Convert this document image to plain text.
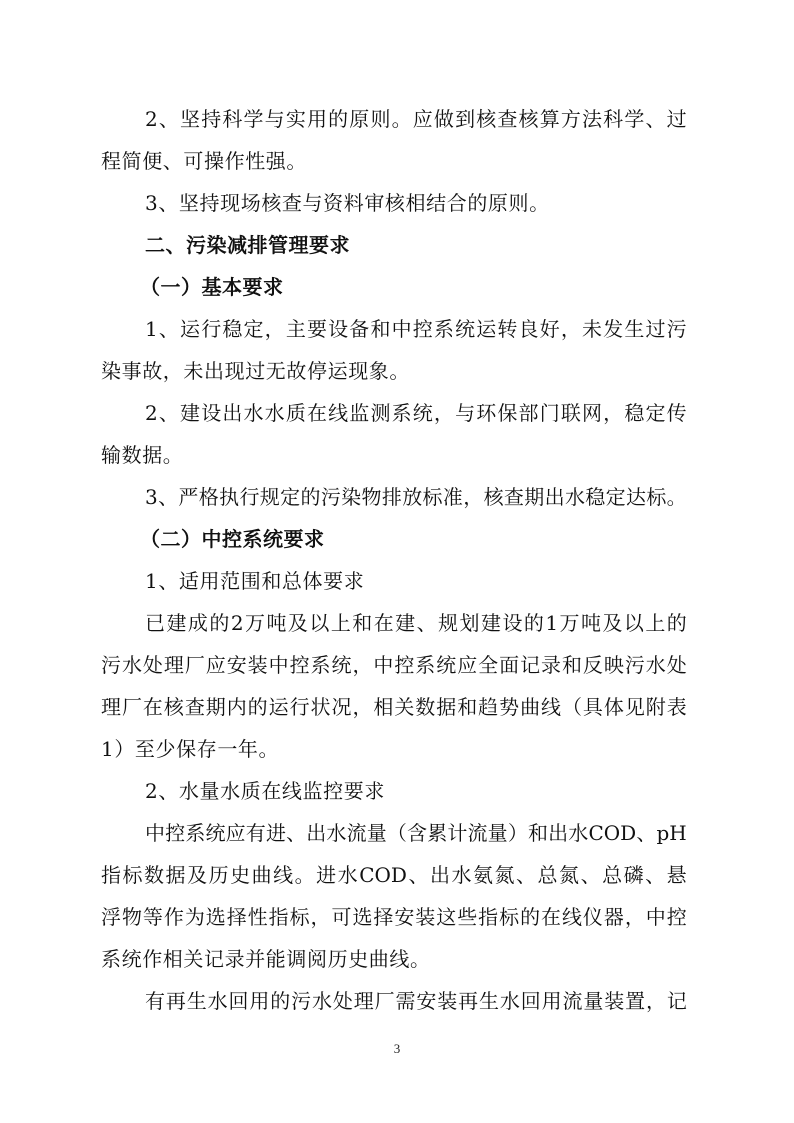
2 、 坚 持 科 学 与 实 用 的 原 则 。 应 做 到 核 查 核 算 方 法 科 学 、 过

程简便、可操作性强。

3、坚持现场核查与资料审核相结合的原则。

二、污染减排管理要求

（一）基本要求

1 、 运 行 稳 定 ， 主 要 设 备 和 中 控 系 统 运 转 良 好 ， 未 发 生 过 污

染事故，未出现过无故停运现象。

2 、 建 设 出 水 水 质 在 线 监 测 系 统 ， 与 环 保 部 门 联 网 ， 稳 定 传

输数据。

3 、 严 格 执 行 规 定 的 污 染 物 排 放 标 准 ， 核 查 期 出 水 稳 定 达 标 。

（二）中控系统要求

1、适用范围和总体要求

已 建 成 的 2 万 吨 及 以 上 和 在 建 、 规 划 建 设 的 1 万 吨 及 以 上 的

污 水 处 理 厂 应 安 装 中 控 系 统 ， 中 控 系 统 应 全 面 记 录 和 反 映 污 水 处

理 厂 在 核 查 期 内 的 运 行 状 况 ， 相 关 数 据 和 趋 势 曲 线 （ 具 体 见 附 表

1）至少保存一年。

2、水量水质在线监控要求

中 控 系 统 应 有 进 、 出 水 流 量 （ 含 累 计 流 量 ） 和 出 水 COD 、 pH

指 标 数 据 及 历 史 曲 线 。 进 水 COD 、 出 水 氨 氮 、 总 氮 、 总 磷 、 悬

浮 物 等 作 为 选 择 性 指 标 ， 可 选 择 安 装 这 些 指 标 的 在 线 仪 器 ， 中 控

系统作相关记录并能调阅历史曲线。

有 再 生 水 回 用 的 污 水 处 理 厂 需 安 装 再 生 水 回 用 流 量 装 置 ， 记

3
